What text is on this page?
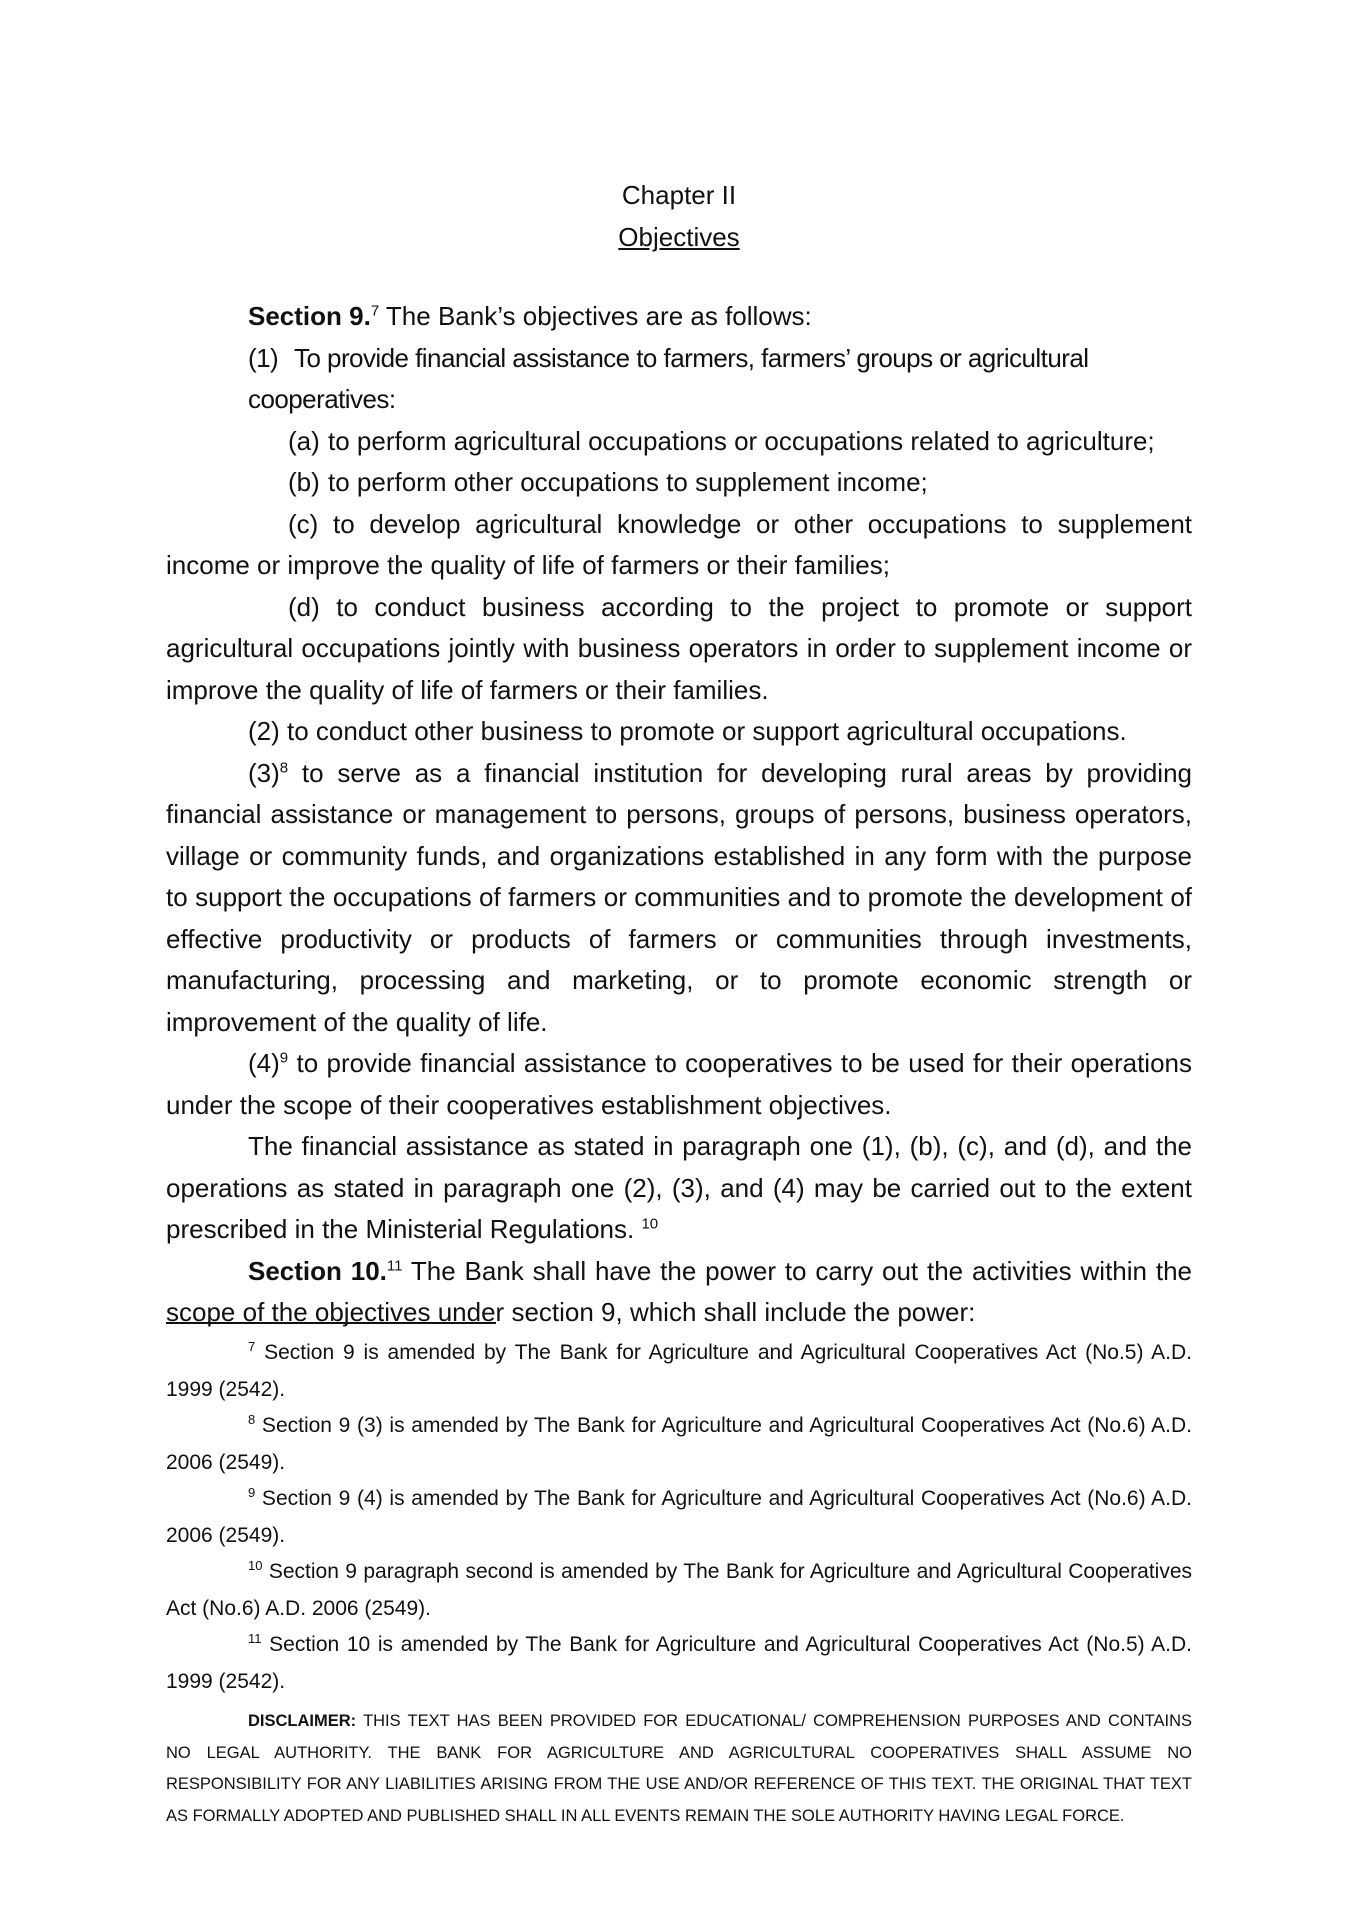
Chapter II
Objectives

Section 9.$^7$ The Bank’s objectives are as follows:

(1) To provide financial assistance to farmers, farmers’ groups or agricultural cooperatives:

(a) to perform agricultural occupations or occupations related to agriculture;

(b) to perform other occupations to supplement income;

(c) to develop agricultural knowledge or other occupations to supplement income or improve the quality of life of farmers or their families;

(d) to conduct business according to the project to promote or support agricultural occupations jointly with business operators in order to supplement income or improve the quality of life of farmers or their families.

(2) to conduct other business to promote or support agricultural occupations.

$(3)^8$ to serve as a financial institution for developing rural areas by providing financial assistance or management to persons, groups of persons, business operators, village or community funds, and organizations established in any form with the purpose to support the occupations of farmers or communities and to promote the development of effective productivity or products of farmers or communities through investments, manufacturing, processing and marketing, or to promote economic strength or improvement of the quality of life.

$(4)^9$ to provide financial assistance to cooperatives to be used for their operations under the scope of their cooperatives establishment objectives.

The financial assistance as stated in paragraph one (1), (b), (c), and (d), and the operations as stated in paragraph one (2), (3), and (4) may be carried out to the extent prescribed in the Ministerial Regulations. $^{10}$

Section 10.11 The Bank shall have the power to carry out the activities within the scope of the objectives under section 9, which shall include the power:

$^7$ Section 9 is amended by The Bank for Agriculture and Agricultural Cooperatives Act (No.5) A.D. 1999 (2542).

$^8$ Section 9 (3) is amended by The Bank for Agriculture and Agricultural Cooperatives Act (No.6) A.D. 2006 (2549).

$^9$ Section 9 (4) is amended by The Bank for Agriculture and Agricultural Cooperatives Act (No.6) A.D. 2006 (2549).

$^{10}$ Section 9 paragraph second is amended by The Bank for Agriculture and Agricultural Cooperatives Act (No.6) A.D. 2006 (2549).

$^{11}$ Section 10 is amended by The Bank for Agriculture and Agricultural Cooperatives Act (No.5) A.D. 1999 (2542).

DISCLAIMER: THIS TEXT HAS BEEN PROVIDED FOR EDUCATIONAL/ COMPREHENSION PURPOSES AND CONTAINS NO LEGAL AUTHORITY. THE BANK FOR AGRICULTURE AND AGRICULTURAL COOPERATIVES SHALL ASSUME NO RESPONSIBILITY FOR ANY LIABILITIES ARISING FROM THE USE AND/OR REFERENCE OF THIS TEXT. THE ORIGINAL THAT TEXT AS FORMALLY ADOPTED AND PUBLISHED SHALL IN ALL EVENTS REMAIN THE SOLE AUTHORITY HAVING LEGAL FORCE.
